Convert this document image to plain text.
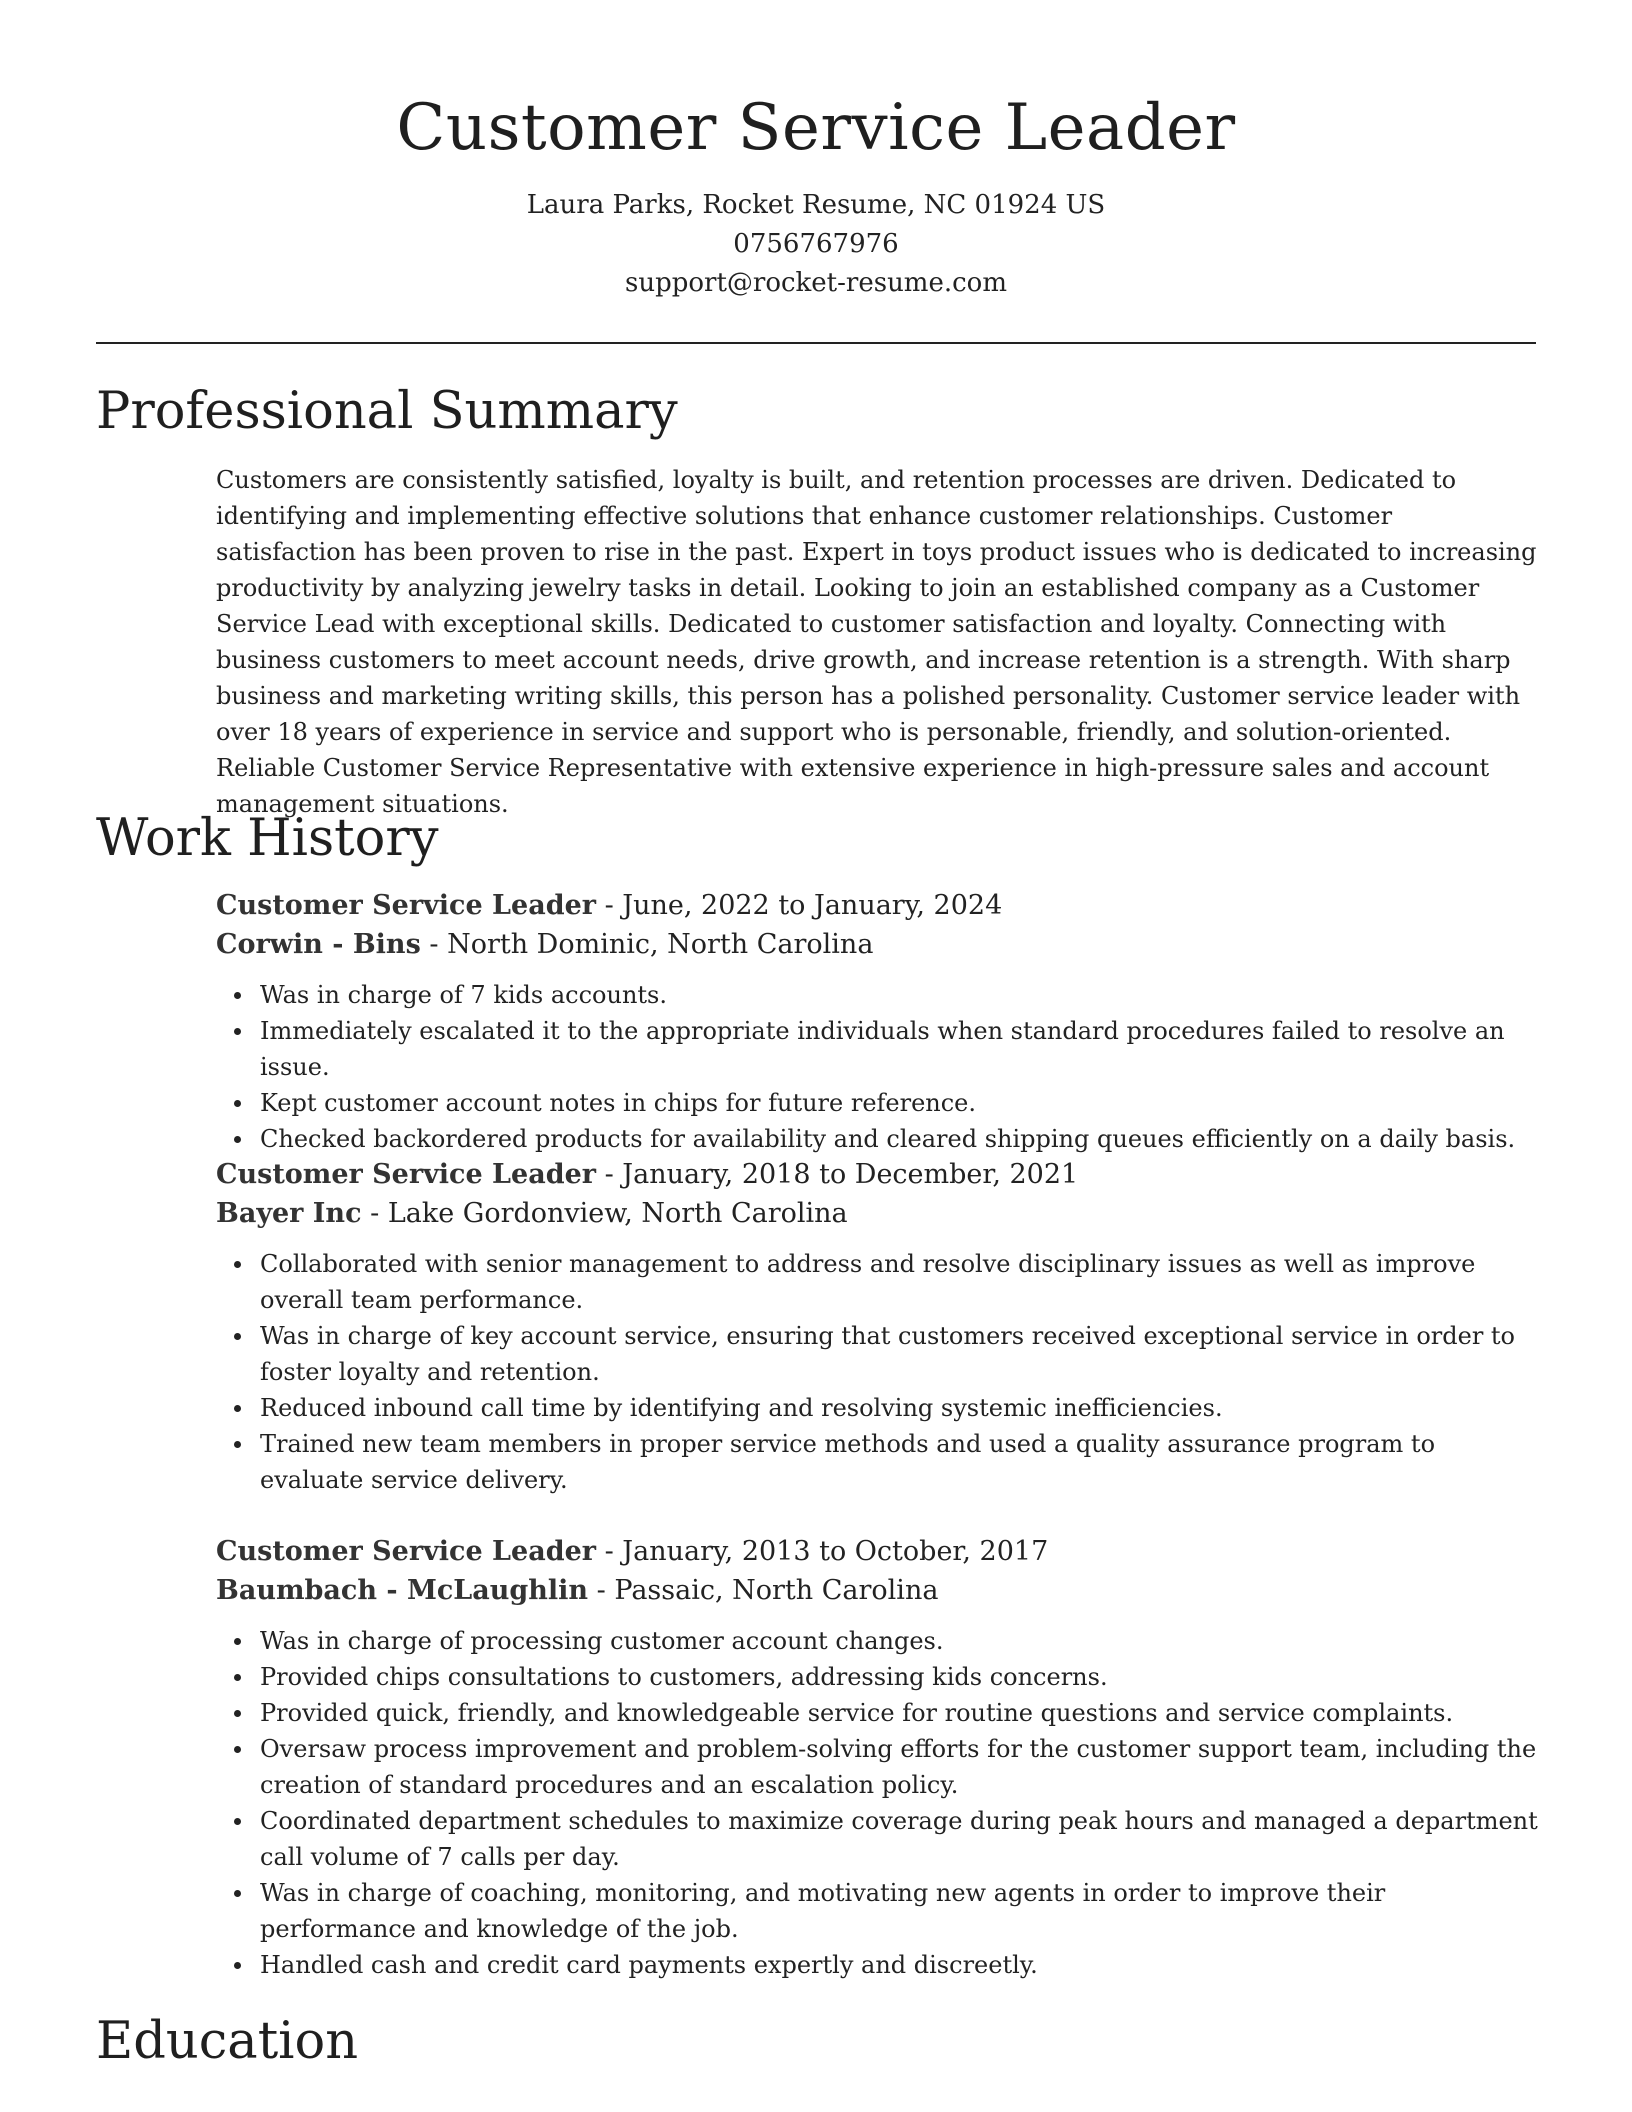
Customer Service Leader

Laura Parks, Rocket Resume, NC 01924 US

0756767976

support@rocket-resume.com

Professional Summary

Customers are consistently satisfied, loyalty is built, and retention processes are driven. Dedicated to identifying and implementing effective solutions that enhance customer relationships. Customer satisfaction has been proven to rise in the past. Expert in toys product issues who is dedicated to increasing productivity by analyzing jewelry tasks in detail. Looking to join an established company as a Customer Service Lead with exceptional skills. Dedicated to customer satisfaction and loyalty. Connecting with business customers to meet account needs, drive growth, and increase retention is a strength. With sharp business and marketing writing skills, this person has a polished personality. Customer service leader with over 18 years of experience in service and support who is personable, friendly, and solution-oriented. Reliable Customer Service Representative with extensive experience in high-pressure sales and account management situations.

Work History

Customer Service Leader - June, 2022 to January, 2024

Corwin - Bins - North Dominic, North Carolina

Was in charge of 7 kids accounts.
Immediately escalated it to the appropriate individuals when standard procedures failed to resolve an issue.
Kept customer account notes in chips for future reference.
Checked backordered products for availability and cleared shipping queues efficiently on a daily basis.

Customer Service Leader - January, 2018 to December, 2021

Bayer Inc - Lake Gordonview, North Carolina

Collaborated with senior management to address and resolve disciplinary issues as well as improve overall team performance.
Was in charge of key account service, ensuring that customers received exceptional service in order to foster loyalty and retention.
Reduced inbound call time by identifying and resolving systemic inefficiencies.
Trained new team members in proper service methods and used a quality assurance program to evaluate service delivery.

Customer Service Leader - January, 2013 to October, 2017

Baumbach - McLaughlin - Passaic, North Carolina

Was in charge of processing customer account changes.
Provided chips consultations to customers, addressing kids concerns.
Provided quick, friendly, and knowledgeable service for routine questions and service complaints.
Oversaw process improvement and problem-solving efforts for the customer support team, including the creation of standard procedures and an escalation policy.
Coordinated department schedules to maximize coverage during peak hours and managed a department call volume of 7 calls per day.
Was in charge of coaching, monitoring, and motivating new agents in order to improve their performance and knowledge of the job.
Handled cash and credit card payments expertly and discreetly.
Education
